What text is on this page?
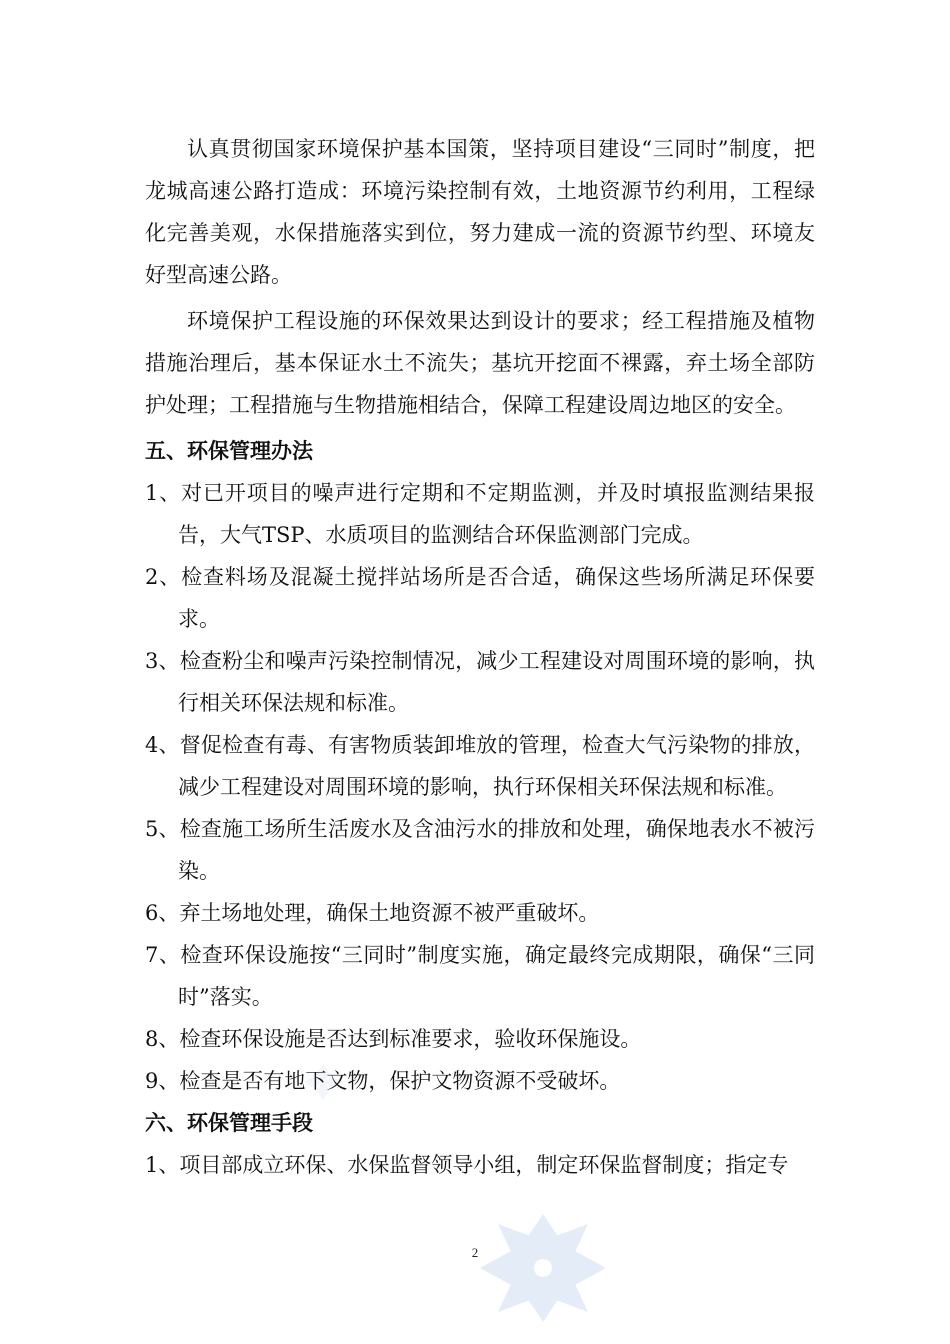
认真贯彻国家环境保护基本国策，坚持项目建设“三同时”制度，把龙城高速公路打造成：环境污染控制有效，土地资源节约利用，工程绿化完善美观，水保措施落实到位，努力建成一流的资源节约型、环境友好型高速公路。

环境保护工程设施的环保效果达到设计的要求；经工程措施及植物措施治理后，基本保证水土不流失；基坑开挖面不裸露，弃土场全部防护处理；工程措施与生物措施相结合，保障工程建设周边地区的安全。

五、环保管理办法
1、对已开项目的噪声进行定期和不定期监测，并及时填报监测结果报告，大气TSP、水质项目的监测结合环保监测部门完成。
2、检查料场及混凝土搅拌站场所是否合适，确保这些场所满足环保要求。
3、检查粉尘和噪声污染控制情况，减少工程建设对周围环境的影响，执行相关环保法规和标准。
4、督促检查有毒、有害物质装卸堆放的管理，检查大气污染物的排放，减少工程建设对周围环境的影响，执行环保相关环保法规和标准。
5、检查施工场所生活废水及含油污水的排放和处理，确保地表水不被污染。
6、弃土场地处理，确保土地资源不被严重破坏。
7、检查环保设施按“三同时”制度实施，确定最终完成期限，确保“三同时”落实。
8、检查环保设施是否达到标准要求，验收环保施设。
9、检查是否有地下文物，保护文物资源不受破坏。
六、环保管理手段
1、项目部成立环保、水保监督领导小组，制定环保监督制度；指定专
2
